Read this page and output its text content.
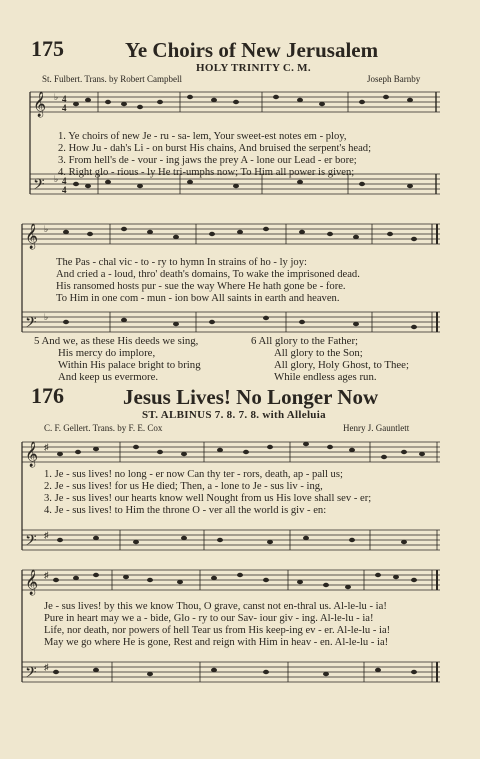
175	Ye Choirs of New Jerusalem
HOLY TRINITY C. M.
St. Fulbert. Trans. by Robert Campbell	Joseph Barnby
𝄞
𝄢
♭
♭
4
4
4
4
1. Ye choirs of new Je - ru - sa- lem, Your sweet-est notes em - ploy,
2. How Ju - dah's Li - on burst His chains, And bruised the serpent's head;
3. From hell's de - vour - ing jaws the prey A - lone our Lead - er bore;
4. Right glo - rious - ly He tri-umphs now; To Him all power is given;
𝄞
𝄢
♭
♭
The Pas - chal vic - to - ry to hymn In strains of ho - ly joy:
And cried a - loud, thro' death's domains, To wake the imprisoned dead.
His ransomed hosts pur - sue the way Where He hath gone be - fore.
To Him in one com - mun - ion bow All saints in earth and heaven.
5 And we, as these His deeds we sing,
His mercy do implore,
Within His palace bright to bring
And keep us evermore.
6 All glory to the Father;
All glory to the Son;
All glory, Holy Ghost, to Thee;
While endless ages run.
176	Jesus Lives! No Longer Now
ST. ALBINUS 7. 8. 7. 8. with Alleluia
C. F. Gellert. Trans. by F. E. Cox	Henry J. Gauntlett
𝄞
𝄢
♯
♯
1. Je - sus lives! no long - er now Can thy ter - rors, death, ap - pall us;
2. Je - sus lives! for us He died; Then, a - lone to Je - sus liv - ing,
3. Je - sus lives! our hearts know well Nought from us His love shall sev - er;
4. Je - sus lives! to Him the throne O - ver all the world is giv - en:
𝄞
𝄢
♯
♯
Je - sus lives! by this we know Thou, O grave, canst not en-thral us. Al-le-lu - ia!
Pure in heart may we a - bide, Glo - ry to our Sav- iour giv - ing. Al-le-lu - ia!
Life, nor death, nor powers of hell Tear us from His keep-ing ev - er. Al-le-lu - ia!
May we go where He is gone, Rest and reign with Him in heav - en. Al-le-lu - ia!
